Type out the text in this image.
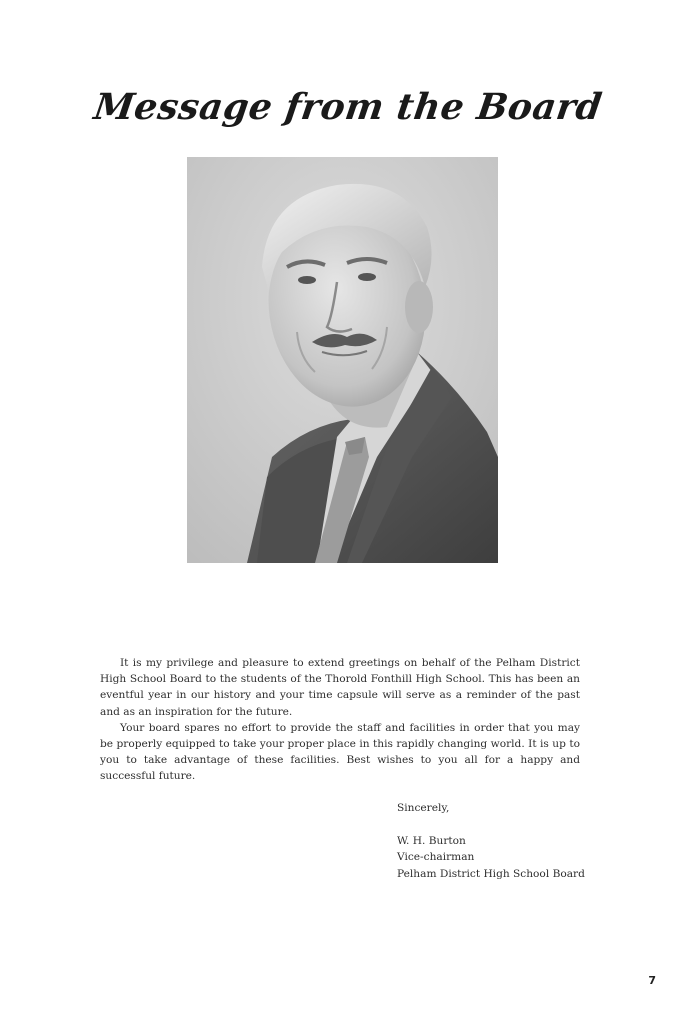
Message from the Board

It is my privilege and pleasure to extend greetings on behalf of the Pelham District High School Board to the students of the Thorold Fonthill High School. This has been an eventful year in our history and your time capsule will serve as a reminder of the past and as an inspiration for the future.

Your board spares no effort to provide the staff and facilities in order that you may be properly equipped to take your proper place in this rapidly changing world. It is up to you to take advantage of these facilities. Best wishes to you all for a happy and successful future.

Sincerely,
W. H. Burton
Vice-chairman
Pelham District High School Board
7
